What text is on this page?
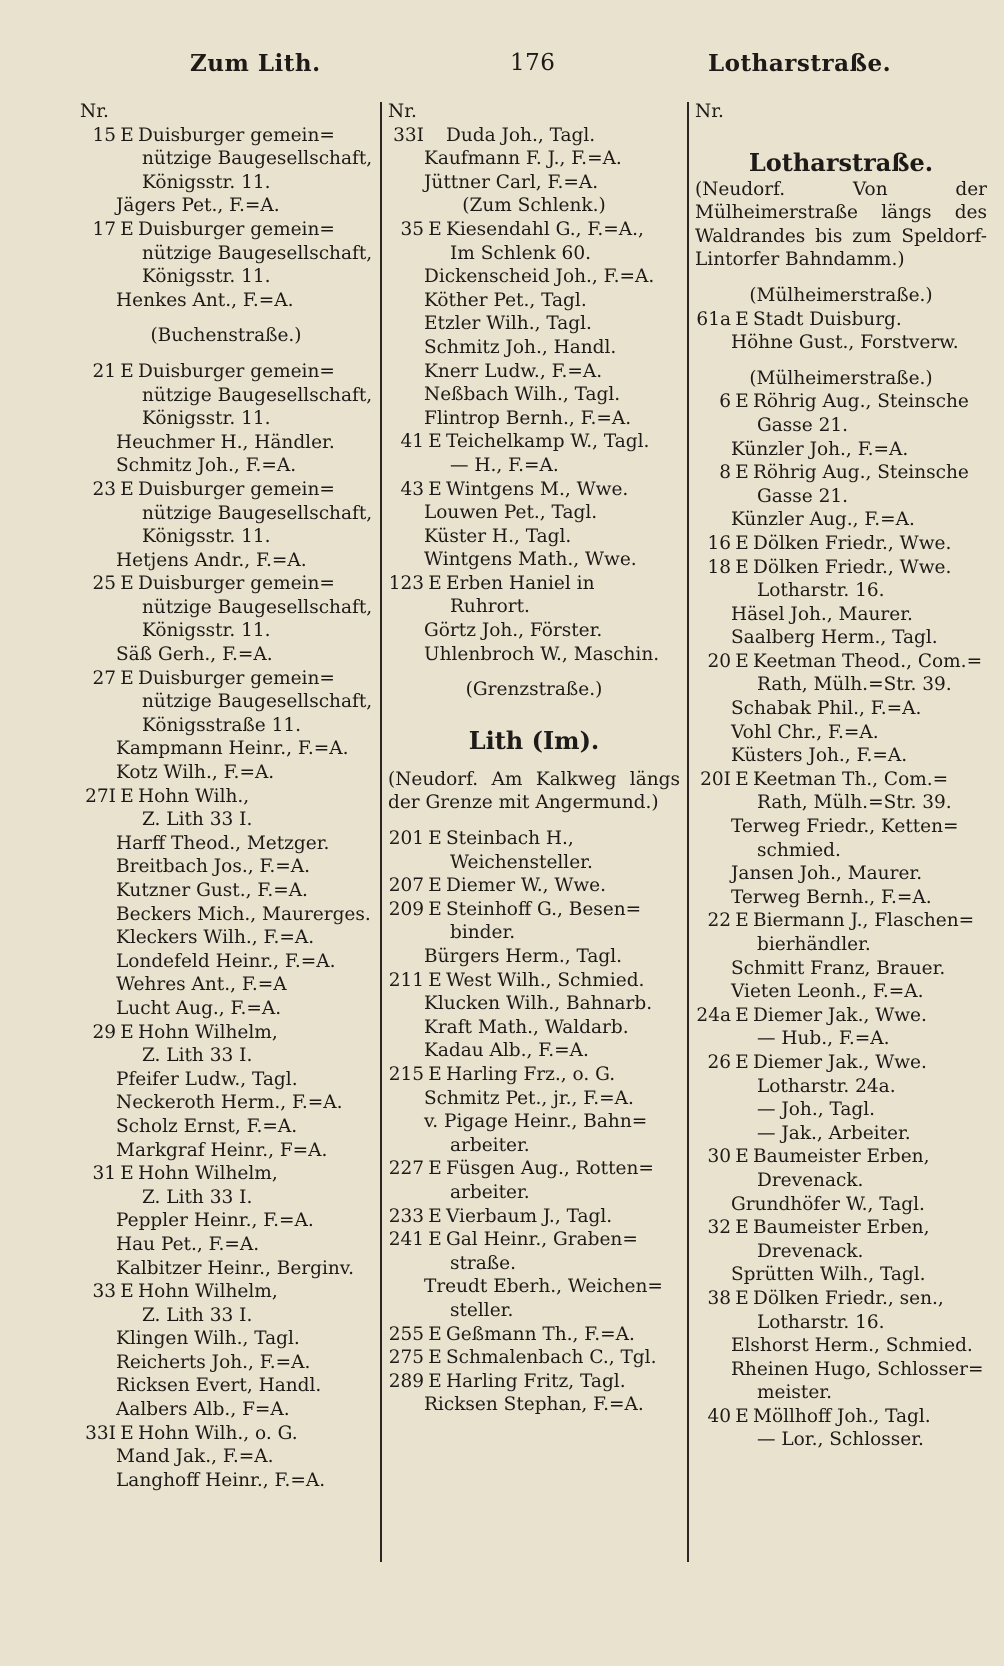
Zum Lith.	176	Lotharstraße.
Nr.
15 E Duisburger gemein=
nützige Baugesellschaft,
Königsstr. 11.
Jägers Pet., F.=A.
17 E Duisburger gemein=
nützige Baugesellschaft,
Königsstr. 11.
Henkes Ant., F.=A.
(Buchenstraße.)
21 E Duisburger gemein=
nützige Baugesellschaft,
Königsstr. 11.
Heuchmer H., Händler.
Schmitz Joh., F.=A.
23 E Duisburger gemein=
nützige Baugesellschaft,
Königsstr. 11.
Hetjens Andr., F.=A.
25 E Duisburger gemein=
nützige Baugesellschaft,
Königsstr. 11.
Säß Gerh., F.=A.
27 E Duisburger gemein=
nützige Baugesellschaft,
Königsstraße 11.
Kampmann Heinr., F.=A.
Kotz Wilh., F.=A.
27I E Hohn Wilh.,
Z. Lith 33 I.
Harff Theod., Metzger.
Breitbach Jos., F.=A.
Kutzner Gust., F.=A.
Beckers Mich., Maurerges.
Kleckers Wilh., F.=A.
Londefeld Heinr., F.=A.
Wehres Ant., F.=A
Lucht Aug., F.=A.
29 E Hohn Wilhelm,
Z. Lith 33 I.
Pfeifer Ludw., Tagl.
Neckeroth Herm., F.=A.
Scholz Ernst, F.=A.
Markgraf Heinr., F=A.
31 E Hohn Wilhelm,
Z. Lith 33 I.
Peppler Heinr., F.=A.
Hau Pet., F.=A.
Kalbitzer Heinr., Berginv.
33 E Hohn Wilhelm,
Z. Lith 33 I.
Klingen Wilh., Tagl.
Reicherts Joh., F.=A.
Ricksen Evert, Handl.
Aalbers Alb., F=A.
33I E Hohn Wilh., o. G.
Mand Jak., F.=A.
Langhoff Heinr., F.=A.
Nr.
33I Duda Joh., Tagl.
Kaufmann F. J., F.=A.
Jüttner Carl, F.=A.
(Zum Schlenk.)
35 E Kiesendahl G., F.=A.,
Im Schlenk 60.
Dickenscheid Joh., F.=A.
Köther Pet., Tagl.
Etzler Wilh., Tagl.
Schmitz Joh., Handl.
Knerr Ludw., F.=A.
Neßbach Wilh., Tagl.
Flintrop Bernh., F.=A.
41 E Teichelkamp W., Tagl.
— H., F.=A.
43 E Wintgens M., Wwe.
Louwen Pet., Tagl.
Küster H., Tagl.
Wintgens Math., Wwe.
123 E Erben Haniel in
Ruhrort.
Görtz Joh., Förster.
Uhlenbroch W., Maschin.
(Grenzstraße.)
Lith (Im).
(Neudorf. Am Kalkweg längs der Grenze mit Angermund.)
201 E Steinbach H.,
Weichensteller.
207 E Diemer W., Wwe.
209 E Steinhoff G., Besen=
binder.
Bürgers Herm., Tagl.
211 E West Wilh., Schmied.
Klucken Wilh., Bahnarb.
Kraft Math., Waldarb.
Kadau Alb., F.=A.
215 E Harling Frz., o. G.
Schmitz Pet., jr., F.=A.
v. Pigage Heinr., Bahn=
arbeiter.
227 E Füsgen Aug., Rotten=
arbeiter.
233 E Vierbaum J., Tagl.
241 E Gal Heinr., Graben=
straße.
Treudt Eberh., Weichen=
steller.
255 E Geßmann Th., F.=A.
275 E Schmalenbach C., Tgl.
289 E Harling Fritz, Tagl.
Ricksen Stephan, F.=A.
Nr.
Lotharstraße.
(Neudorf. Von der Mülheimerstraße längs des Waldrandes bis zum Speldorf-Lintorfer Bahndamm.)
(Mülheimerstraße.)
61a E Stadt Duisburg.
Höhne Gust., Forstverw.
(Mülheimerstraße.)
6 E Röhrig Aug., Steinsche
Gasse 21.
Künzler Joh., F.=A.
8 E Röhrig Aug., Steinsche
Gasse 21.
Künzler Aug., F.=A.
16 E Dölken Friedr., Wwe.
18 E Dölken Friedr., Wwe.
Lotharstr. 16.
Häsel Joh., Maurer.
Saalberg Herm., Tagl.
20 E Keetman Theod., Com.=
Rath, Mülh.=Str. 39.
Schabak Phil., F.=A.
Vohl Chr., F.=A.
Küsters Joh., F.=A.
20I E Keetman Th., Com.=
Rath, Mülh.=Str. 39.
Terweg Friedr., Ketten=
schmied.
Jansen Joh., Maurer.
Terweg Bernh., F.=A.
22 E Biermann J., Flaschen=
bierhändler.
Schmitt Franz, Brauer.
Vieten Leonh., F.=A.
24a E Diemer Jak., Wwe.
— Hub., F.=A.
26 E Diemer Jak., Wwe.
Lotharstr. 24a.
— Joh., Tagl.
— Jak., Arbeiter.
30 E Baumeister Erben,
Drevenack.
Grundhöfer W., Tagl.
32 E Baumeister Erben,
Drevenack.
Sprütten Wilh., Tagl.
38 E Dölken Friedr., sen.,
Lotharstr. 16.
Elshorst Herm., Schmied.
Rheinen Hugo, Schlosser=
meister.
40 E Möllhoff Joh., Tagl.
— Lor., Schlosser.
